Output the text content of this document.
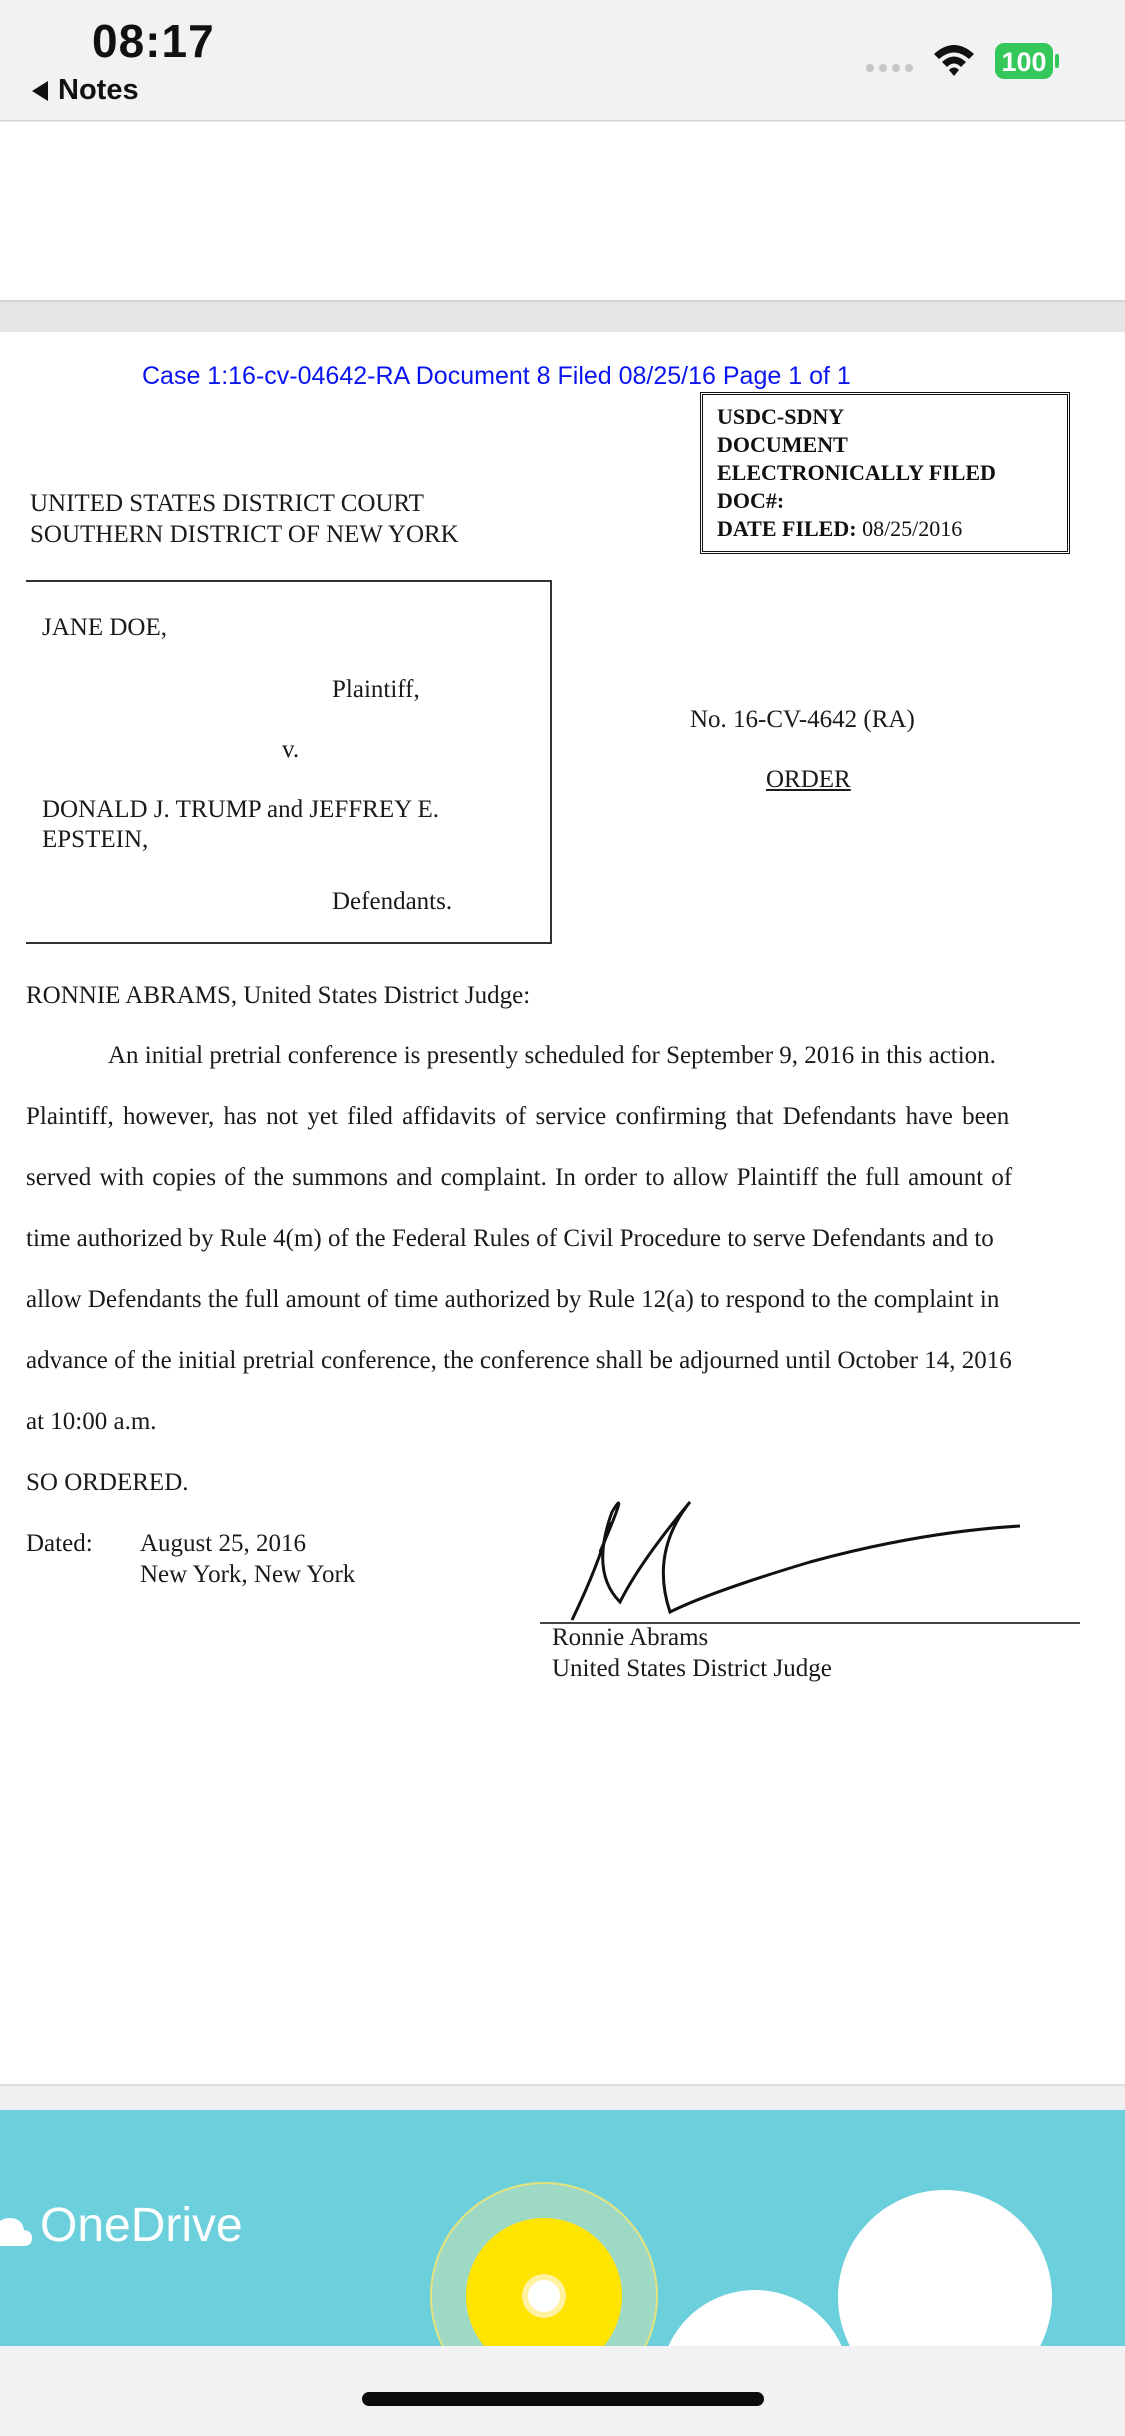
08:17
Notes
100
Case 1:16-cv-04642-RA Document 8 Filed 08/25/16 Page 1 of 1
USDC-SDNY
DOCUMENT
ELECTRONICALLY FILED
DOC#:
DATE FILED: 08/25/2016
UNITED STATES DISTRICT COURT
SOUTHERN DISTRICT OF NEW YORK
JANE DOE,
Plaintiff,
v.
DONALD J. TRUMP and JEFFREY E.
EPSTEIN,
Defendants.
No. 16-CV-4642 (RA)
ORDER
RONNIE ABRAMS, United States District Judge:
An initial pretrial conference is presently scheduled for September 9, 2016 in this action.
Plaintiff, however, has not yet filed affidavits of service confirming that Defendants have been
served with copies of the summons and complaint. In order to allow Plaintiff the full amount of
time authorized by Rule 4(m) of the Federal Rules of Civil Procedure to serve Defendants and to
allow Defendants the full amount of time authorized by Rule 12(a) to respond to the complaint in
advance of the initial pretrial conference, the conference shall be adjourned until October 14, 2016
at 10:00 a.m.
SO ORDERED.
Dated: August 25, 2016
New York, New York
Ronnie Abrams
United States District Judge
OneDrive
